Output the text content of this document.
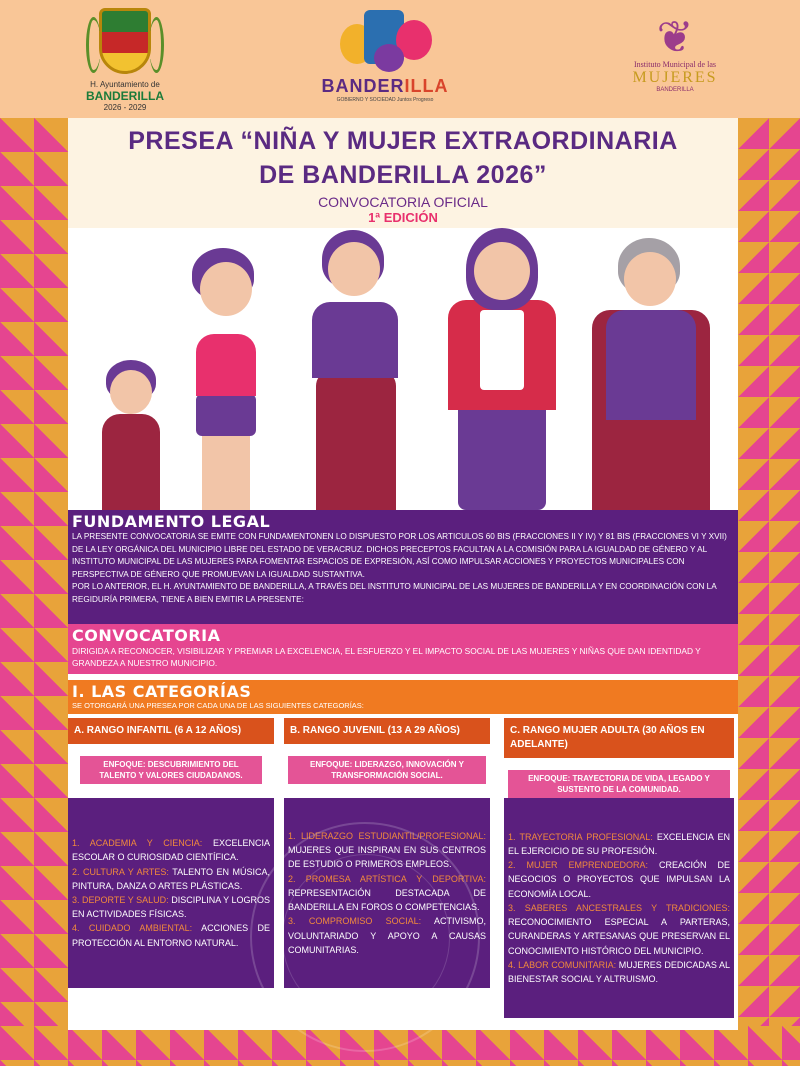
H. Ayuntamiento de
BANDERILLA
2026 - 2029
BANDERILLA
GOBIERNO Y SOCIEDAD Juntos Progreso
❦
Instituto Municipal de las
MUJERES
BANDERILLA
PRESEA “NIÑA Y MUJER EXTRAORDINARIA
DE BANDERILLA 2026”
CONVOCATORIA OFICIAL
1ª EDICIÓN
FUNDAMENTO LEGAL

LA PRESENTE CONVOCATORIA SE EMITE CON FUNDAMENTONEN LO DISPUESTO POR LOS ARTICULOS 60 BIS (FRACCIONES II Y IV) Y 81 BIS (FRACCIONES VI Y XVII) DE LA LEY ORGÁNICA DEL MUNICIPIO LIBRE DEL ESTADO DE VERACRUZ. DICHOS PRECEPTOS FACULTAN A LA COMISIÓN PARA LA IGUALDAD DE GÉNERO Y AL INSTITUTO MUNICIPAL DE LAS MUJERES PARA FOMENTAR ESPACIOS DE EXPRESIÓN, ASÍ COMO IMPULSAR ACCIONES Y PROYECTOS MUNICIPALES CON PERSPECTIVA DE GÉNERO QUE PROMUEVAN LA IGUALDAD SUSTANTIVA.

POR LO ANTERIOR, EL H. AYUNTAMIENTO DE BANDERILLA, A TRAVÉS DEL INSTITUTO MUNICIPAL DE LAS MUJERES DE BANDERILLA Y EN COORDINACIÓN CON LA REGIDURÍA PRIMERA, TIENE A BIEN EMITIR LA PRESENTE:

CONVOCATORIA

DIRIGIDA A RECONOCER, VISIBILIZAR Y PREMIAR LA EXCELENCIA, EL ESFUERZO Y EL IMPACTO SOCIAL DE LAS MUJERES Y NIÑAS QUE DAN IDENTIDAD Y GRANDEZA A NUESTRO MUNICIPIO.

I. LAS CATEGORÍAS

SE OTORGARÁ UNA PRESEA POR CADA UNA DE LAS SIGUIENTES CATEGORÍAS:

A. RANGO INFANTIL (6 A 12 AÑOS)
ENFOQUE: DESCUBRIMIENTO DEL TALENTO Y VALORES CIUDADANOS.
1. ACADEMIA Y CIENCIA: EXCELENCIA ESCOLAR O CURIOSIDAD CIENTÍFICA.
2. CULTURA Y ARTES: TALENTO EN MÚSICA, PINTURA, DANZA O ARTES PLÁSTICAS.
3. DEPORTE Y SALUD: DISCIPLINA Y LOGROS EN ACTIVIDADES FÍSICAS.
4. CUIDADO AMBIENTAL: ACCIONES DE PROTECCIÓN AL ENTORNO NATURAL.
B. RANGO JUVENIL (13 A 29 AÑOS)
ENFOQUE: LIDERAZGO, INNOVACIÓN Y TRANSFORMACIÓN SOCIAL.
1. LIDERAZGO ESTUDIANTIL/PROFESIONAL: MUJERES QUE INSPIRAN EN SUS CENTROS DE ESTUDIO O PRIMEROS EMPLEOS.
2. PROMESA ARTÍSTICA Y DEPORTIVA: REPRESENTACIÓN DESTACADA DE BANDERILLA EN FOROS O COMPETENCIAS.
3. COMPROMISO SOCIAL: ACTIVISMO, VOLUNTARIADO Y APOYO A CAUSAS COMUNITARIAS.
C. RANGO MUJER ADULTA (30 AÑOS EN ADELANTE)
ENFOQUE: TRAYECTORIA DE VIDA, LEGADO Y SUSTENTO DE LA COMUNIDAD.
1. TRAYECTORIA PROFESIONAL: EXCELENCIA EN EL EJERCICIO DE SU PROFESIÓN.
2. MUJER EMPRENDEDORA: CREACIÓN DE NEGOCIOS O PROYECTOS QUE IMPULSAN LA ECONOMÍA LOCAL.
3. SABERES ANCESTRALES Y TRADICIONES: RECONOCIMIENTO ESPECIAL A PARTERAS, CURANDERAS Y ARTESANAS QUE PRESERVAN EL CONOCIMIENTO HISTÓRICO DEL MUNICIPIO.
4. LABOR COMUNITARIA: MUJERES DEDICADAS AL BIENESTAR SOCIAL Y ALTRUISMO.
